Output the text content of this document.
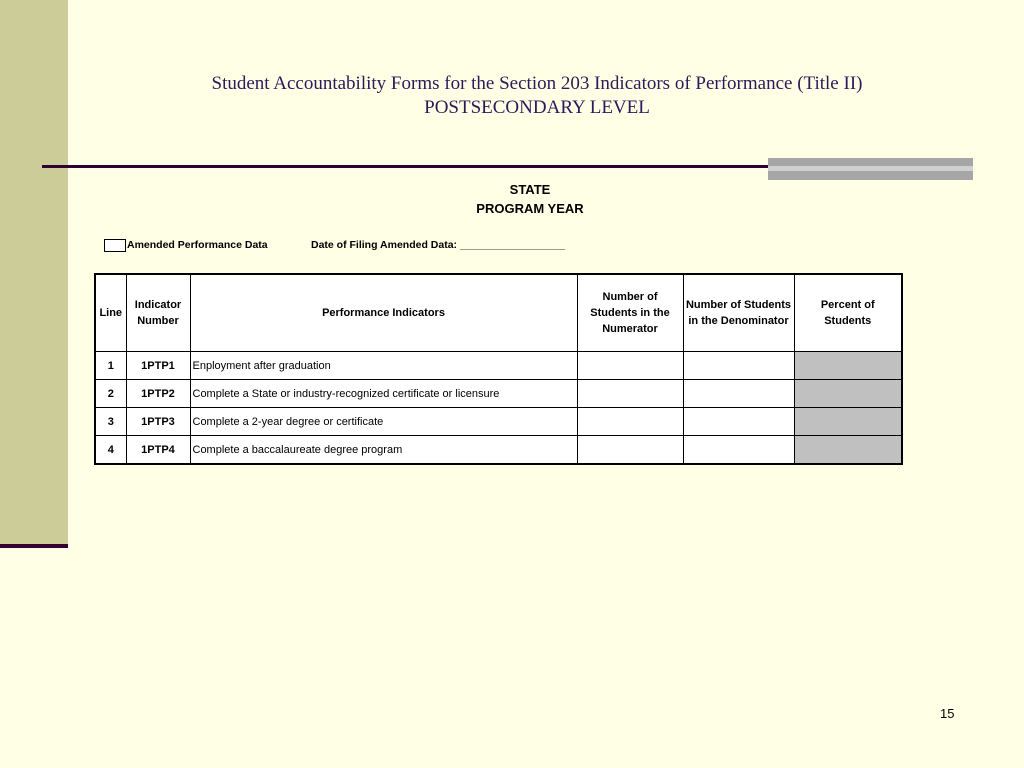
Student Accountability Forms for the Section 203 Indicators of Performance (Title II)
POSTSECONDARY LEVEL
STATE
PROGRAM YEAR
Amended Performance Data	Date of Filing Amended Data: __________________
Line	Indicator Number	Performance Indicators	Number of Students in the Numerator	Number of Students in the Denominator	Percent of Students
1	1PTP1	Enployment after graduation			
2	1PTP2	Complete a State or industry-recognized certificate or licensure			
3	1PTP3	Complete a 2-year degree or certificate			
4	1PTP4	Complete a baccalaureate degree program			
15
